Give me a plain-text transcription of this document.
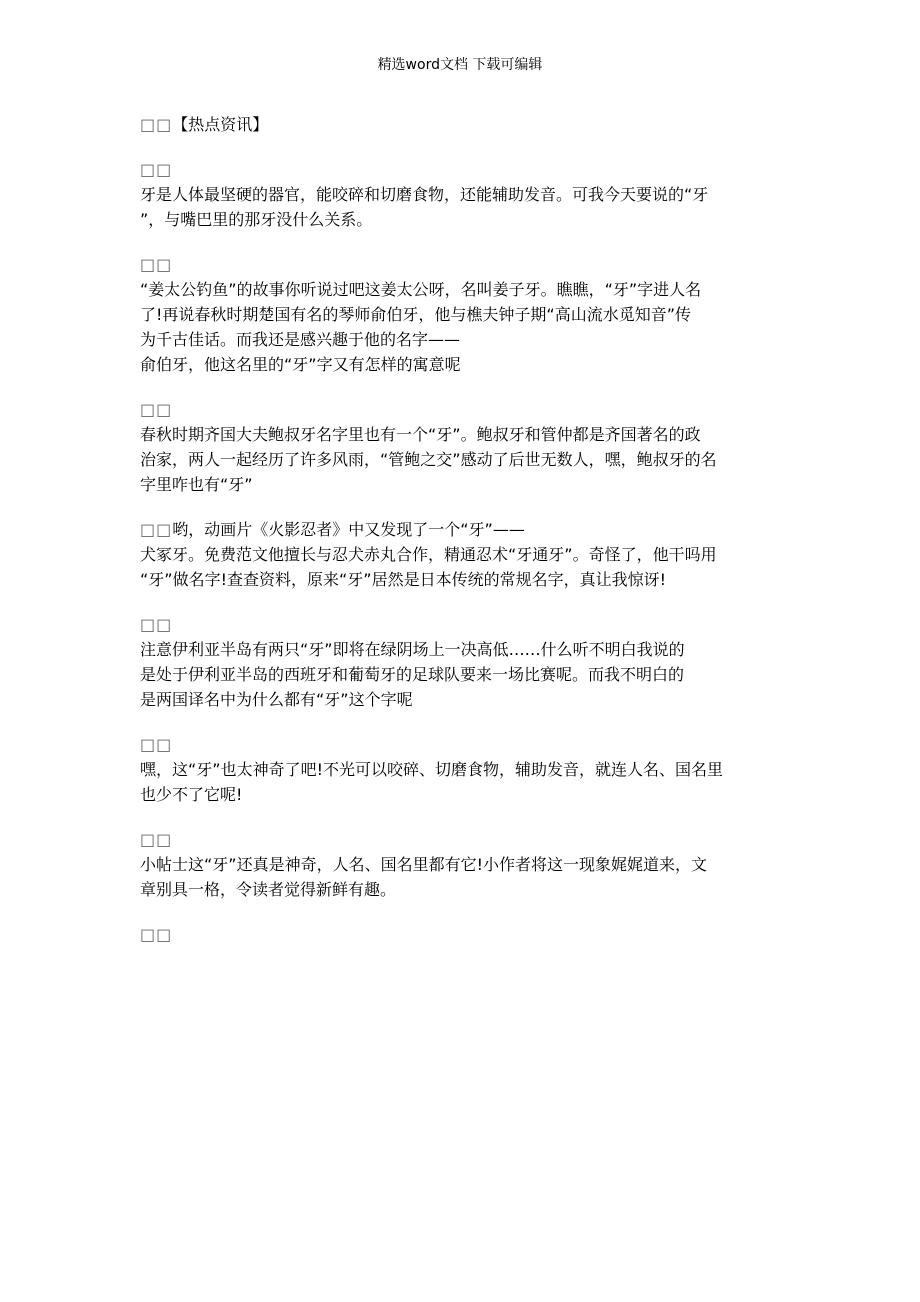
精选word文档 下载可编辑

□□【热点资讯】

□□

牙是人体最坚硬的器官，能咬碎和切磨食物，还能辅助发音。可我今天要说的“牙

”，与嘴巴里的那牙没什么关系。

□□

“姜太公钓鱼”的故事你听说过吧这姜太公呀，名叫姜子牙。瞧瞧，“牙”字进人名

了!再说春秋时期楚国有名的琴师俞伯牙，他与樵夫钟子期“高山流水觅知音”传

为千古佳话。而我还是感兴趣于他的名字——

俞伯牙，他这名里的“牙”字又有怎样的寓意呢

□□

春秋时期齐国大夫鲍叔牙名字里也有一个“牙”。鲍叔牙和管仲都是齐国著名的政

治家，两人一起经历了许多风雨，“管鲍之交”感动了后世无数人，嘿，鲍叔牙的名

字里咋也有“牙”

□□哟，动画片《火影忍者》中又发现了一个“牙”——

犬冢牙。免费范文他擅长与忍犬赤丸合作，精通忍术“牙通牙”。奇怪了，他干吗用

“牙”做名字!查查资料，原来“牙”居然是日本传统的常规名字，真让我惊讶!

□□

注意伊利亚半岛有两只“牙”即将在绿阴场上一决高低……什么听不明白我说的

是处于伊利亚半岛的西班牙和葡萄牙的足球队要来一场比赛呢。而我不明白的

是两国译名中为什么都有“牙”这个字呢

□□

嘿，这“牙”也太神奇了吧!不光可以咬碎、切磨食物，辅助发音，就连人名、国名里

也少不了它呢!

□□

小帖士这“牙”还真是神奇，人名、国名里都有它!小作者将这一现象娓娓道来，文

章别具一格，令读者觉得新鲜有趣。

□□
